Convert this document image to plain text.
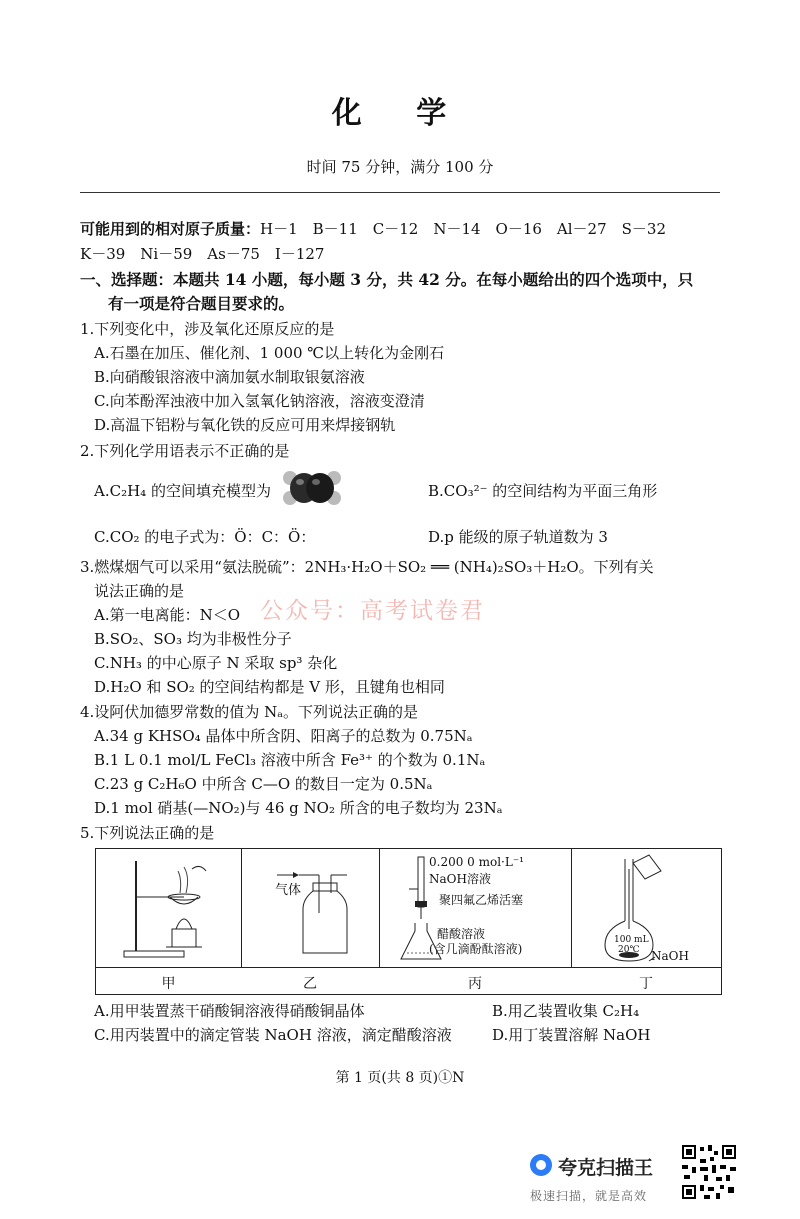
化 学
时间 75 分钟，满分 100 分
可能用到的相对原子质量：H－1　B－11　C－12　N－14　O－16　Al－27　S－32
K－39　Ni－59　As－75　I－127
一、选择题：本题共 14 小题，每小题 3 分，共 42 分。在每小题给出的四个选项中，只
有一项是符合题目要求的。
1.下列变化中，涉及氧化还原反应的是
A.石墨在加压、催化剂、1 000 ℃以上转化为金刚石
B.向硝酸银溶液中滴加氨水制取银氨溶液
C.向苯酚浑浊液中加入氢氧化钠溶液，溶液变澄清
D.高温下铝粉与氧化铁的反应可用来焊接钢轨
2.下列化学用语表示不正确的是
A.C₂H₄ 的空间填充模型为	B.CO₃²⁻ 的空间结构为平面三角形
C.CO₂ 的电子式为：Ö：C：Ö：	D.p 能级的原子轨道数为 3
3.燃煤烟气可以采用“氨法脱硫”：2NH₃·H₂O＋SO₂ ══ (NH₄)₂SO₃＋H₂O。下列有关
说法正确的是
A.第一电离能：N＜O 公众号：高考试卷君
B.SO₂、SO₃ 均为非极性分子
C.NH₃ 的中心原子 N 采取 sp³ 杂化
D.H₂O 和 SO₂ 的空间结构都是 V 形，且键角也相同
4.设阿伏加德罗常数的值为 Nₐ。下列说法正确的是
A.34 g KHSO₄ 晶体中所含阴、阳离子的总数为 0.75Nₐ
B.1 L 0.1 mol/L FeCl₃ 溶液中所含 Fe³⁺ 的个数为 0.1Nₐ
C.23 g C₂H₆O 中所含 C—O 的数目一定为 0.5Nₐ
D.1 mol 硝基(—NO₂)与 46 g NO₂ 所含的电子数均为 23Nₐ
5.下列说法正确的是
气体
0.200 0 mol·L⁻¹
NaOH溶液
聚四氟乙烯活塞
醋酸溶液
(含几滴酚酞溶液)
100 mL
20℃ NaOH
甲	乙	丙	丁
A.用甲装置蒸干硝酸铜溶液得硝酸铜晶体	B.用乙装置收集 C₂H₄
C.用丙装置中的滴定管装 NaOH 溶液，滴定醋酸溶液	D.用丁装置溶解 NaOH
第 1 页(共 8 页)①N
夸克扫描王
极速扫描，就是高效
